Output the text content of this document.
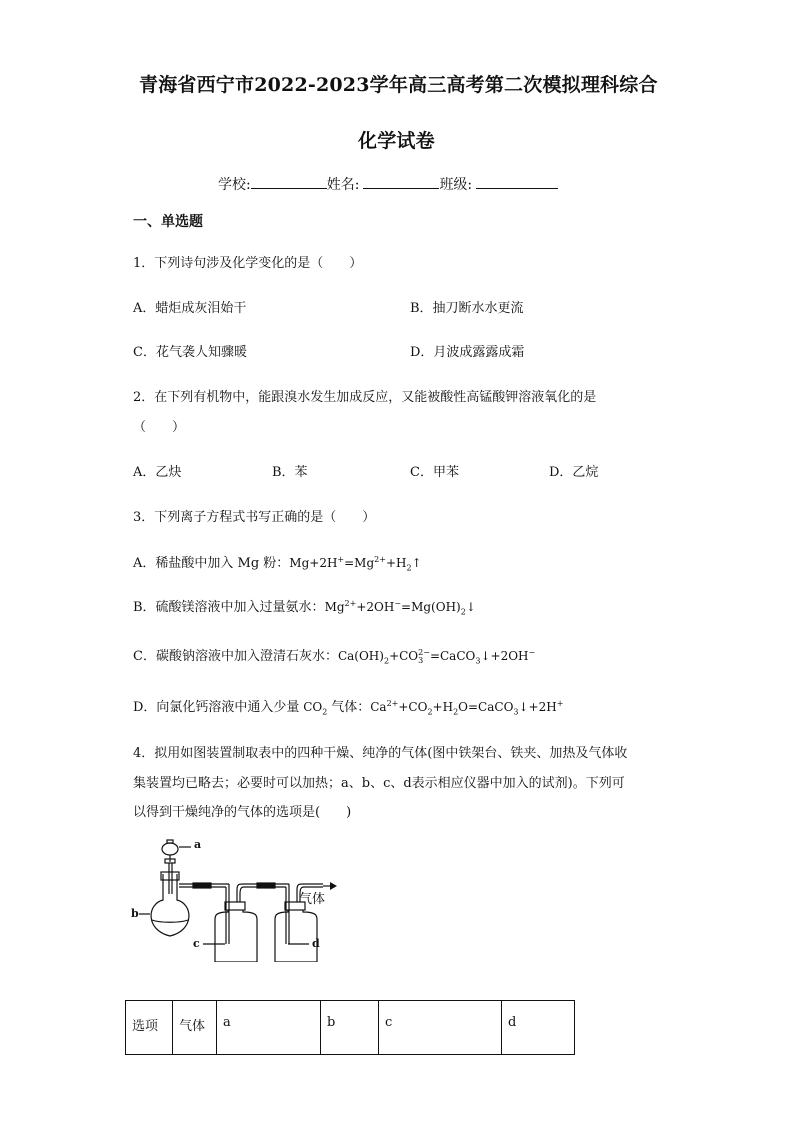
青海省西宁市2022-2023学年高三高考第二次模拟理科综合
化学试卷
学校:	姓名:	班级:
一、单选题
1．下列诗句涉及化学变化的是（　　）
A．蜡炬成灰泪始干	B．抽刀断水水更流
C．花气袭人知骤暖	D．月波成露露成霜
2．在下列有机物中，能跟溴水发生加成反应，又能被酸性高锰酸钾溶液氧化的是
（　　）
A．乙炔	B．苯	C．甲苯	D．乙烷
3．下列离子方程式书写正确的是（　　）
A．稀盐酸中加入 Mg 粉：$Mg+2H^+=Mg^{2+}+H_2↑$
B．硫酸镁溶液中加入过量氨水：$Mg^{2+}+2OH^-=Mg(OH)_2↓$
C．碳酸钠溶液中加入澄清石灰水：$Ca(OH)_2+CO$ 2−
3 =CaCO$_3$↓+2OH−
D．向氯化钙溶液中通入少量 $CO_2$ 气体：$Ca^{2+}+CO_2+H_2O=CaCO_3↓+2H^+$
4．拟用如图装置制取表中的四种干燥、纯净的气体(图中铁架台、铁夹、加热及气体收
集装置均已略去；必要时可以加热；a、b、c、d表示相应仪器中加入的试剂)。下列可
以得到干燥纯净的气体的选项是(　　)
a
b
c	d
气体
选项	气体	a	b	c	d
